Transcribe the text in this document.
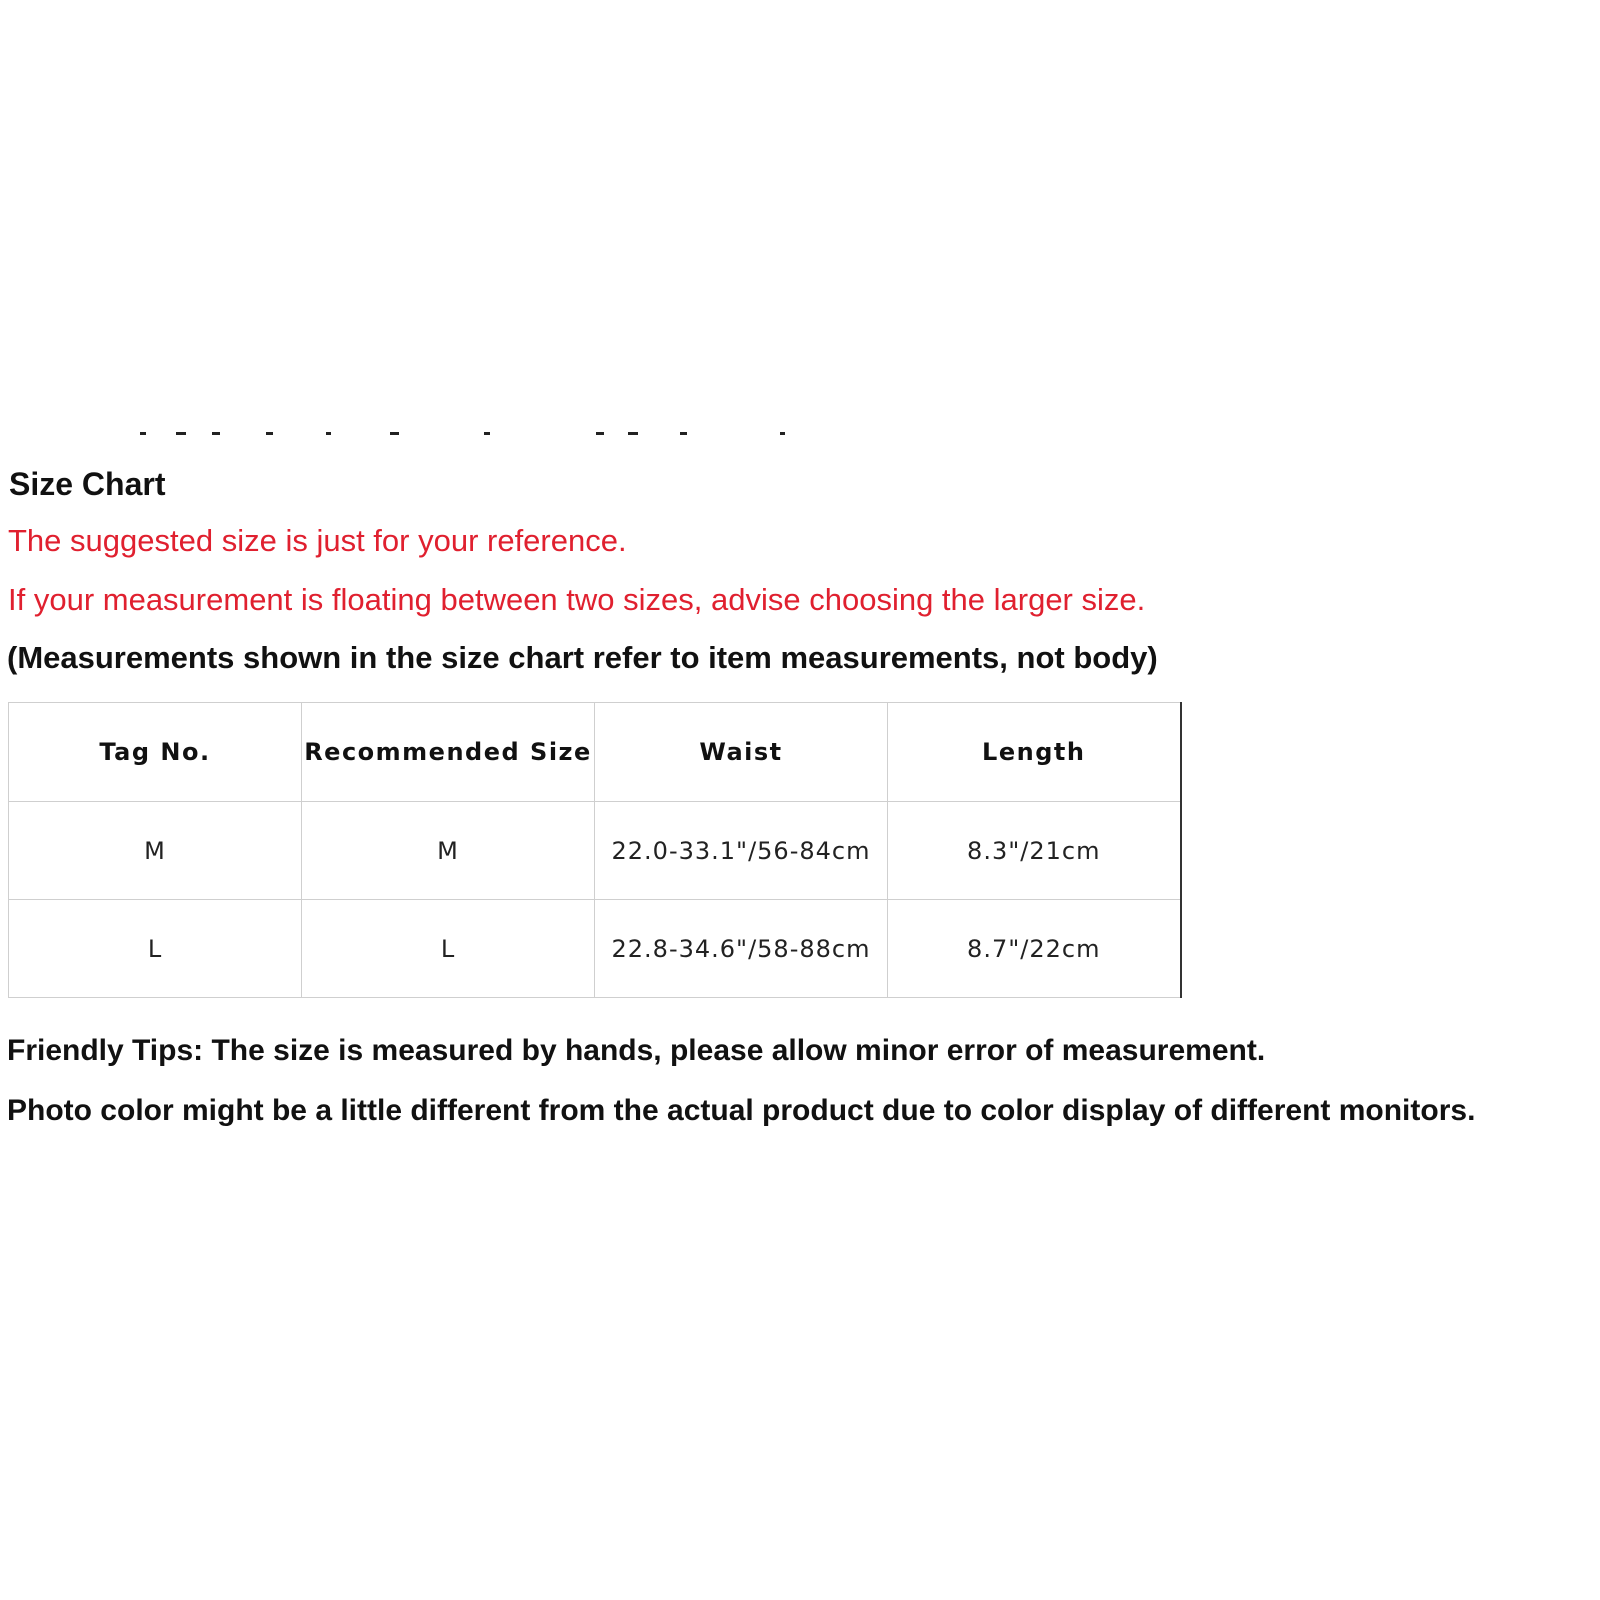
Size Chart
The suggested size is just for your reference.
If your measurement is floating between two sizes, advise choosing the larger size.
(Measurements shown in the size chart refer to item measurements, not body)
Tag No.	Recommended Size	Waist	Length
M	M	22.0-33.1"/56-84cm	8.3"/21cm
L	L	22.8-34.6"/58-88cm	8.7"/22cm
Friendly Tips: The size is measured by hands, please allow minor error of measurement.
Photo color might be a little different from the actual product due to color display of different monitors.
